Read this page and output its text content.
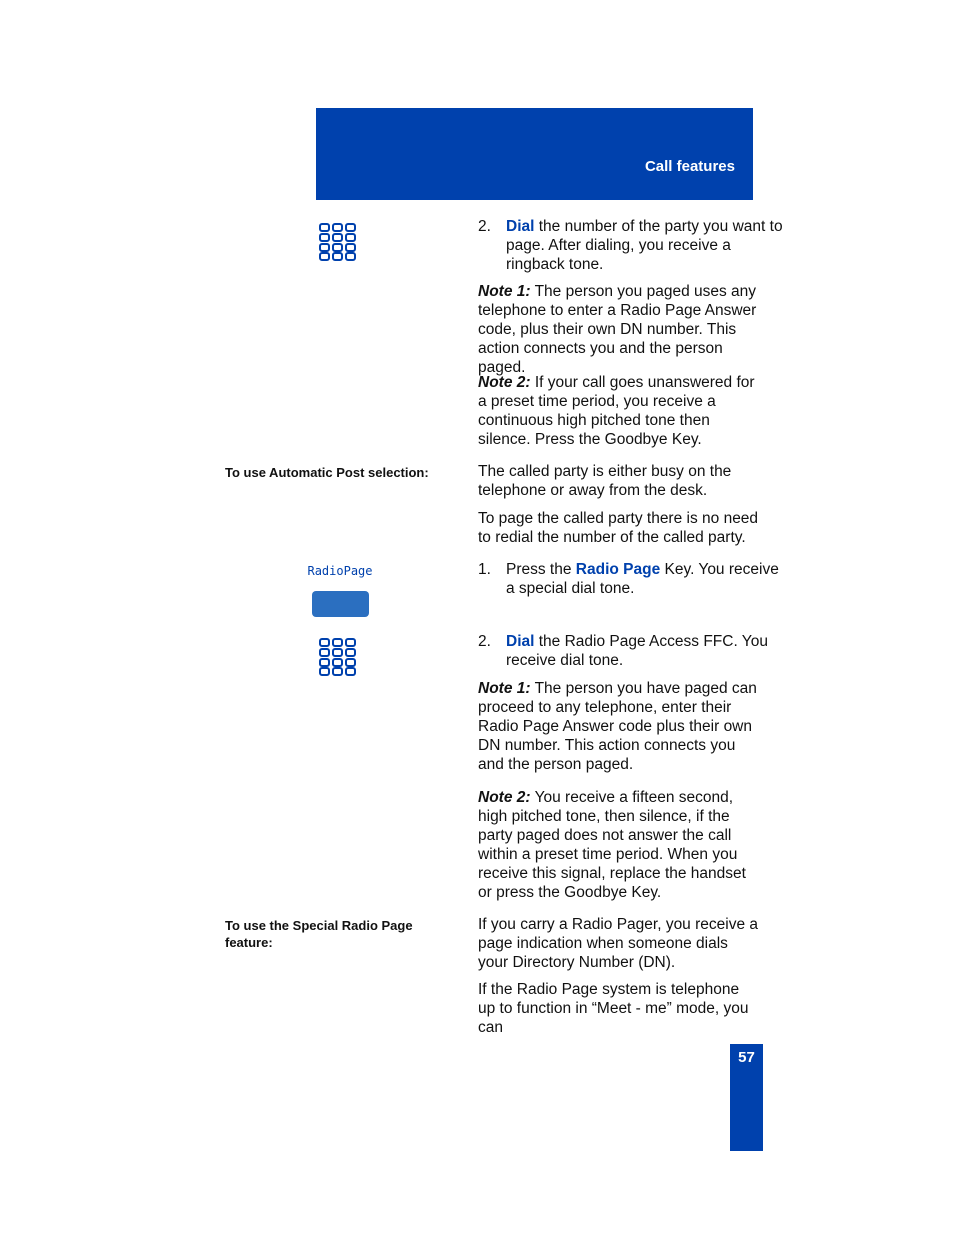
Call features
2. Dial the number of the party you want to page. After dialing, you receive a ringback tone.
Note 1: The person you paged uses any telephone to enter a Radio Page Answer code, plus their own DN number. This action connects you and the person paged.
Note 2: If your call goes unanswered for a preset time period, you receive a continuous high pitched tone then silence. Press the Goodbye Key.
To use Automatic Post selection:	The called party is either busy on the telephone or away from the desk.
To page the called party there is no need to redial the number of the called party.
RadioPage	1. Press the Radio Page Key. You receive a special dial tone.
2. Dial the Radio Page Access FFC. You receive dial tone.
Note 1: The person you have paged can proceed to any telephone, enter their Radio Page Answer code plus their own DN number. This action connects you and the person paged.
Note 2: You receive a fifteen second, high pitched tone, then silence, if the party paged does not answer the call within a preset time period. When you receive this signal, replace the handset or press the Goodbye Key.
To use the Special Radio Page feature:
If you carry a Radio Pager, you receive a page indication when someone dials your Directory Number (DN).
If the Radio Page system is telephone up to function in “Meet - me” mode, you can
57
